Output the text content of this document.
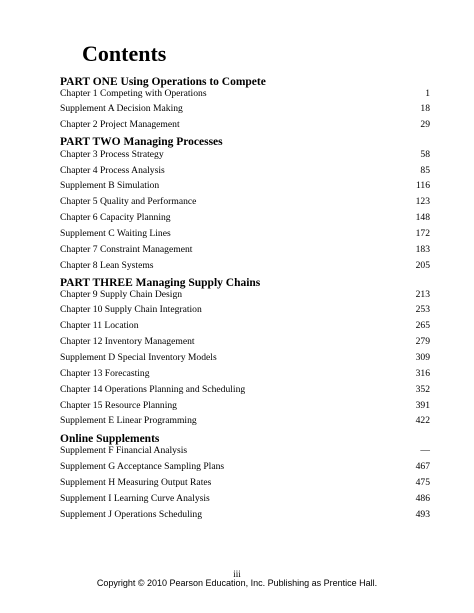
Contents
PART ONE Using Operations to Compete
Chapter 1 Competing with Operations	1
Supplement A Decision Making	18
Chapter 2 Project Management	29
PART TWO Managing Processes
Chapter 3 Process Strategy	58
Chapter 4 Process Analysis	85
Supplement B Simulation	116
Chapter 5 Quality and Performance	123
Chapter 6 Capacity Planning	148
Supplement C Waiting Lines	172
Chapter 7 Constraint Management	183
Chapter 8 Lean Systems	205
PART THREE Managing Supply Chains
Chapter 9 Supply Chain Design	213
Chapter 10 Supply Chain Integration	253
Chapter 11 Location	265
Chapter 12 Inventory Management	279
Supplement D Special Inventory Models	309
Chapter 13 Forecasting	316
Chapter 14 Operations Planning and Scheduling	352
Chapter 15 Resource Planning	391
Supplement E Linear Programming	422
Online Supplements
Supplement F Financial Analysis	—
Supplement G Acceptance Sampling Plans	467
Supplement H Measuring Output Rates	475
Supplement I Learning Curve Analysis	486
Supplement J Operations Scheduling	493
iii
Copyright © 2010 Pearson Education, Inc. Publishing as Prentice Hall.
